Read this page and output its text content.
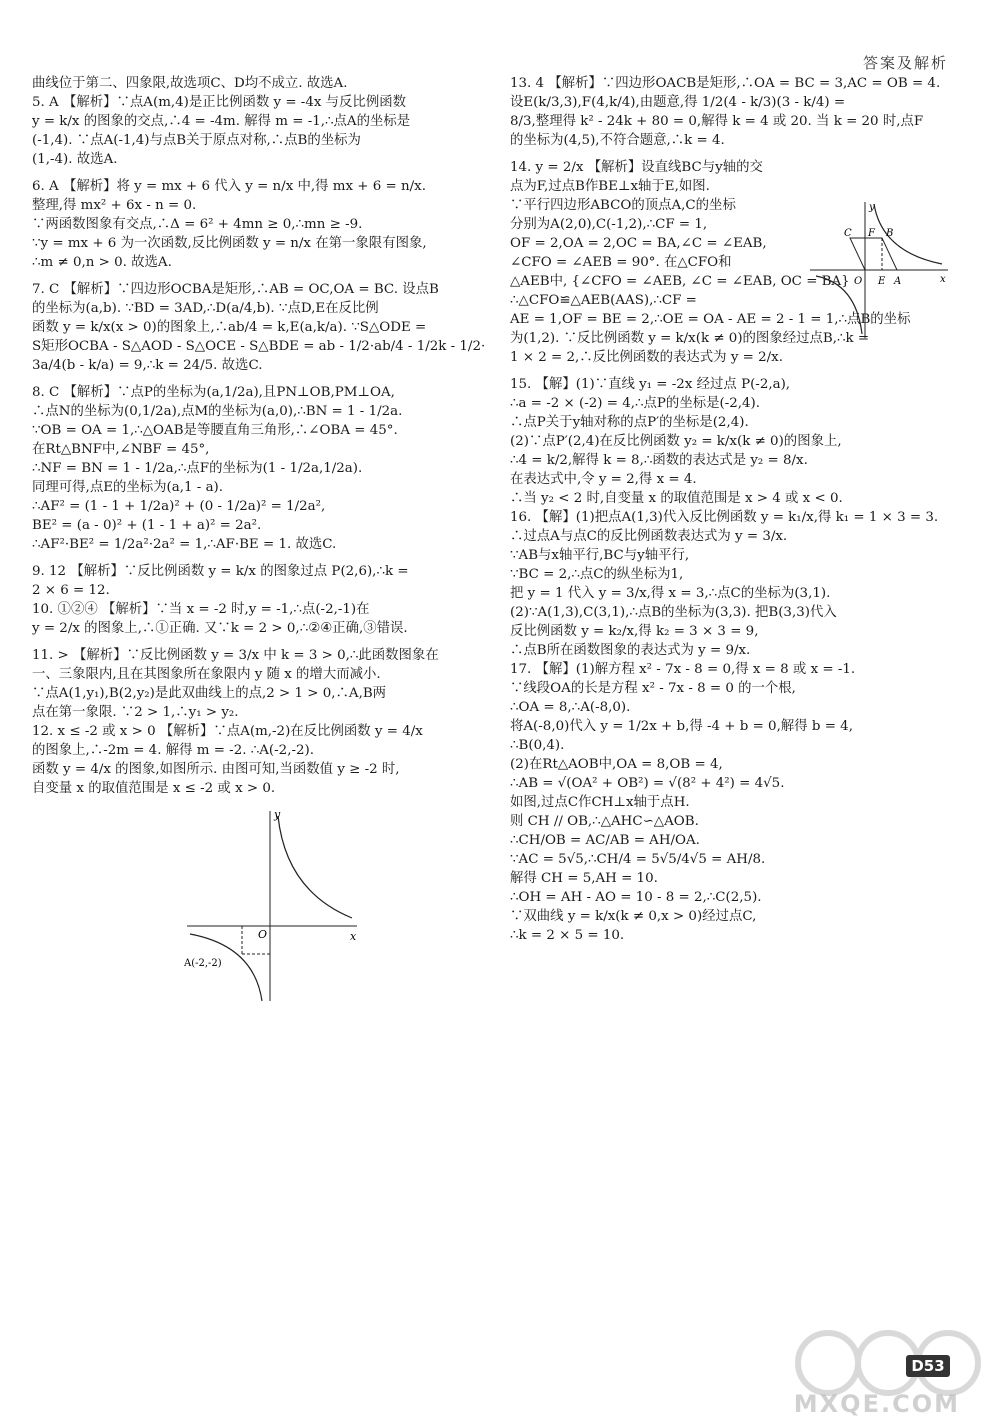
答案及解析
曲线位于第二、四象限,故选项C、D均不成立. 故选A.
5. A 【解析】∵点A(m,4)是正比例函数 y = -4x 与反比例函数
y = k/x 的图象的交点,∴4 = -4m. 解得 m = -1,∴点A的坐标是
(-1,4). ∵点A(-1,4)与点B关于原点对称,∴点B的坐标为
(1,-4). 故选A.
6. A 【解析】将 y = mx + 6 代入 y = n/x 中,得 mx + 6 = n/x.
整理,得 mx² + 6x - n = 0.
∵两函数图象有交点,∴Δ = 6² + 4mn ≥ 0,∴mn ≥ -9.
∵y = mx + 6 为一次函数,反比例函数 y = n/x 在第一象限有图象,
∴m ≠ 0,n > 0. 故选A.
7. C 【解析】∵四边形OCBA是矩形,∴AB = OC,OA = BC. 设点B
的坐标为(a,b). ∵BD = 3AD,∴D(a/4,b). ∵点D,E在反比例
函数 y = k/x(x > 0)的图象上,∴ab/4 = k,E(a,k/a). ∵S△ODE =
S矩形OCBA - S△AOD - S△OCE - S△BDE = ab - 1/2·ab/4 - 1/2k - 1/2·
3a/4(b - k/a) = 9,∴k = 24/5. 故选C.
8. C 【解析】∵点P的坐标为(a,1/2a),且PN⊥OB,PM⊥OA,
∴点N的坐标为(0,1/2a),点M的坐标为(a,0),∴BN = 1 - 1/2a.
∵OB = OA = 1,∴△OAB是等腰直角三角形,∴∠OBA = 45°.
在Rt△BNF中,∠NBF = 45°,
∴NF = BN = 1 - 1/2a,∴点F的坐标为(1 - 1/2a,1/2a).
同理可得,点E的坐标为(a,1 - a).
∴AF² = (1 - 1 + 1/2a)² + (0 - 1/2a)² = 1/2a²,
BE² = (a - 0)² + (1 - 1 + a)² = 2a².
∴AF²·BE² = 1/2a²·2a² = 1,∴AF·BE = 1. 故选C.
9. 12 【解析】∵反比例函数 y = k/x 的图象过点 P(2,6),∴k =
2 × 6 = 12.
10. ①②④ 【解析】∵当 x = -2 时,y = -1,∴点(-2,-1)在
y = 2/x 的图象上,∴①正确. 又∵k = 2 > 0,∴②④正确,③错误.
11. > 【解析】∵反比例函数 y = 3/x 中 k = 3 > 0,∴此函数图象在
一、三象限内,且在其图象所在象限内 y 随 x 的增大而减小.
∵点A(1,y₁),B(2,y₂)是此双曲线上的点,2 > 1 > 0,∴A,B两
点在第一象限. ∵2 > 1,∴y₁ > y₂.
12. x ≤ -2 或 x > 0 【解析】∵点A(m,-2)在反比例函数 y = 4/x
的图象上,∴-2m = 4. 解得 m = -2. ∴A(-2,-2).
函数 y = 4/x 的图象,如图所示. 由图可知,当函数值 y ≥ -2 时,
自变量 x 的取值范围是 x ≤ -2 或 x > 0.
x
y
O
A(-2,-2)
13. 4 【解析】∵四边形OACB是矩形,∴OA = BC = 3,AC = OB = 4.
设E(k/3,3),F(4,k/4),由题意,得 1/2(4 - k/3)(3 - k/4) =
8/3,整理得 k² - 24k + 80 = 0,解得 k = 4 或 20. 当 k = 20 时,点F
的坐标为(4,5),不符合题意,∴k = 4.
14. y = 2/x 【解析】设直线BC与y轴的交
点为F,过点B作BE⊥x轴于E,如图.
∵平行四边形ABCO的顶点A,C的坐标
分别为A(2,0),C(-1,2),∴CF = 1,
OF = 2,OA = 2,OC = BA,∠C = ∠EAB,
∠CFO = ∠AEB = 90°. 在△CFO和
△AEB中, {∠CFO = ∠AEB, ∠C = ∠EAB, OC = BA}
∴△CFO≌△AEB(AAS),∴CF =
AE = 1,OF = BE = 2,∴OE = OA - AE = 2 - 1 = 1,∴点B的坐标
为(1,2). ∵反比例函数 y = k/x(k ≠ 0)的图象经过点B,∴k =
1 × 2 = 2,∴反比例函数的表达式为 y = 2/x.
15. 【解】(1)∵直线 y₁ = -2x 经过点 P(-2,a),
∴a = -2 × (-2) = 4,∴点P的坐标是(-2,4).
∴点P关于y轴对称的点P′的坐标是(2,4).
(2)∵点P′(2,4)在反比例函数 y₂ = k/x(k ≠ 0)的图象上,
∴4 = k/2,解得 k = 8,∴函数的表达式是 y₂ = 8/x.
在表达式中,令 y = 2,得 x = 4.
∴当 y₂ < 2 时,自变量 x 的取值范围是 x > 4 或 x < 0.
16. 【解】(1)把点A(1,3)代入反比例函数 y = k₁/x,得 k₁ = 1 × 3 = 3.
∴过点A与点C的反比例函数表达式为 y = 3/x.
∵AB与x轴平行,BC与y轴平行,
∵BC = 2,∴点C的纵坐标为1,
把 y = 1 代入 y = 3/x,得 x = 3,∴点C的坐标为(3,1).
(2)∵A(1,3),C(3,1),∴点B的坐标为(3,3). 把B(3,3)代入
反比例函数 y = k₂/x,得 k₂ = 3 × 3 = 9,
∴点B所在函数图象的表达式为 y = 9/x.
17. 【解】(1)解方程 x² - 7x - 8 = 0,得 x = 8 或 x = -1.
∵线段OA的长是方程 x² - 7x - 8 = 0 的一个根,
∴OA = 8,∴A(-8,0).
将A(-8,0)代入 y = 1/2x + b,得 -4 + b = 0,解得 b = 4,
∴B(0,4).
(2)在Rt△AOB中,OA = 8,OB = 4,
∴AB = √(OA² + OB²) = √(8² + 4²) = 4√5.
如图,过点C作CH⊥x轴于点H.
则 CH // OB,∴△AHC∽△AOB.
∴CH/OB = AC/AB = AH/OA.
∵AC = 5√5,∴CH/4 = 5√5/4√5 = AH/8.
解得 CH = 5,AH = 10.
∴OH = AH - AO = 10 - 8 = 2,∴C(2,5).
∵双曲线 y = k/x(k ≠ 0,x > 0)经过点C,
∴k = 2 × 5 = 10.
C F B
O E A	x
y
MXQE.COM
D53
